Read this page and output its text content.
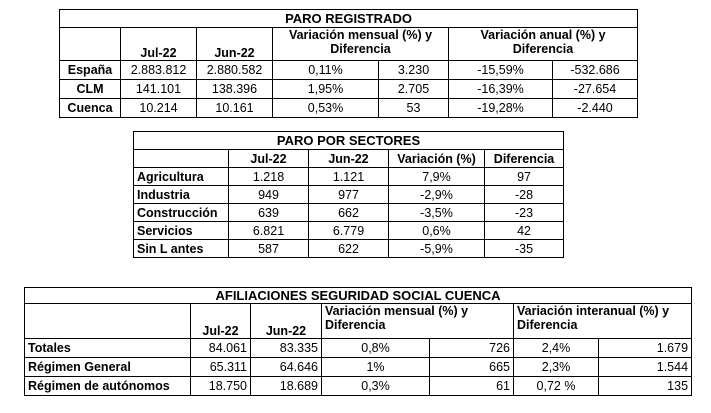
PARO REGISTRADO						
	Jul-22	Jun-22	Variación mensual (%) y Diferencia		Variación anual (%) y Diferencia	
España	2.883.812	2.880.582	0,11%	3.230	-15,59%	-532.686
CLM	141.101	138.396	1,95%	2.705	-16,39%	-27.654
Cuenca	10.214	10.161	0,53%	53	-19,28%	-2.440
PARO POR SECTORES				
	Jul-22	Jun-22	Variación (%)	Diferencia
Agricultura	1.218	1.121	7,9%	97
Industria	949	977	-2,9%	-28
Construcción	639	662	-3,5%	-23
Servicios	6.821	6.779	0,6%	42
Sin L antes	587	622	-5,9%	-35
AFILIACIONES SEGURIDAD SOCIAL CUENCA						
	Jul-22	Jun-22	Variación mensual (%) y Diferencia		Variación interanual (%) y Diferencia	
Totales	84.061	83.335	0,8%	726	2,4%	1.679
Régimen General	65.311	64.646	1%	665	2,3%	1.544
Régimen de autónomos	18.750	18.689	0,3%	61	0,72 %	135
